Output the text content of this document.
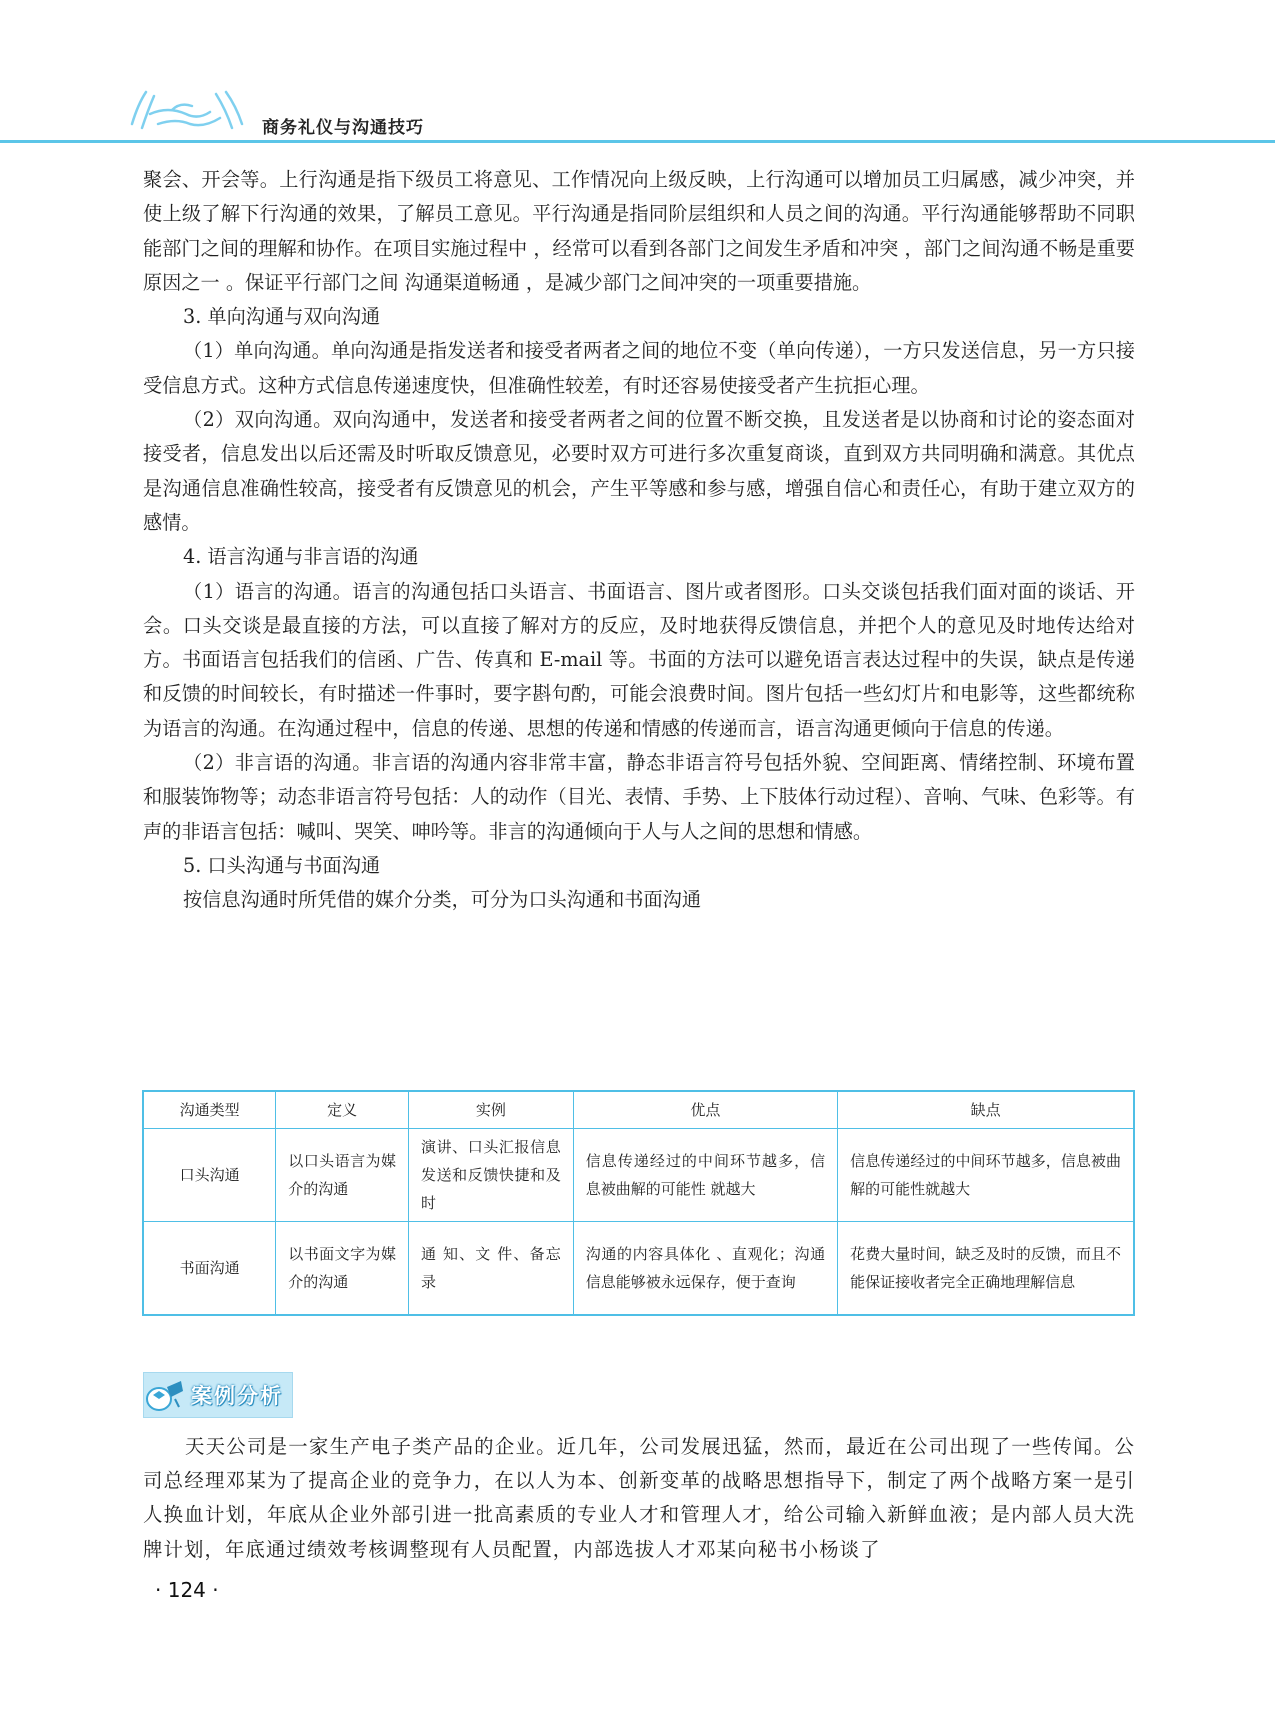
商务礼仪与沟通技巧

聚会、开会等。上行沟通是指下级员工将意见、工作情况向上级反映，上行沟通可以增加员工归属感，减少冲突，并使上级了解下行沟通的效果，了解员工意见。平行沟通是指同阶层组织和人员之间的沟通。平行沟通能够帮助不同职能部门之间的理解和协作。在项目实施过程中 ，经常可以看到各部门之间发生矛盾和冲突 ，部门之间沟通不畅是重要原因之一 。保证平行部门之间 沟通渠道畅通 ，是减少部门之间冲突的一项重要措施。

3. 单向沟通与双向沟通

（1）单向沟通。单向沟通是指发送者和接受者两者之间的地位不变（单向传递），一方只发送信息，另一方只接受信息方式。这种方式信息传递速度快，但准确性较差，有时还容易使接受者产生抗拒心理。

（2）双向沟通。双向沟通中，发送者和接受者两者之间的位置不断交换，且发送者是以协商和讨论的姿态面对接受者，信息发出以后还需及时听取反馈意见，必要时双方可进行多次重复商谈，直到双方共同明确和满意。其优点是沟通信息准确性较高，接受者有反馈意见的机会，产生平等感和参与感，增强自信心和责任心，有助于建立双方的感情。

4. 语言沟通与非言语的沟通

（1）语言的沟通。语言的沟通包括口头语言、书面语言、图片或者图形。口头交谈包括我们面对面的谈话、开会。口头交谈是最直接的方法，可以直接了解对方的反应，及时地获得反馈信息，并把个人的意见及时地传达给对方。书面语言包括我们的信函、广告、传真和 E-mail 等。书面的方法可以避免语言表达过程中的失误，缺点是传递和反馈的时间较长，有时描述一件事时，要字斟句酌，可能会浪费时间。图片包括一些幻灯片和电影等，这些都统称为语言的沟通。在沟通过程中，信息的传递、思想的传递和情感的传递而言，语言沟通更倾向于信息的传递。

（2）非言语的沟通。非言语的沟通内容非常丰富，静态非语言符号包括外貌、空间距离、情绪控制、环境布置和服装饰物等；动态非语言符号包括：人的动作（目光、表情、手势、上下肢体行动过程）、音响、气味、色彩等。有声的非语言包括：喊叫、哭笑、呻吟等。非言的沟通倾向于人与人之间的思想和情感。

5. 口头沟通与书面沟通

按信息沟通时所凭借的媒介分类，可分为口头沟通和书面沟通

沟通类型	定义	实例	优点	缺点
口头沟通	以口头语言为媒介的沟通	演讲、口头汇报信息发送和反馈快捷和及时	信息传递经过的中间环节越多，信息被曲解的可能性 就越大	信息传递经过的中间环节越多，信息被曲解的可能性就越大
书面沟通	以书面文字为媒介的沟通	通 知、文 件、备忘录	沟通的内容具体化 、直观化；沟通信息能够被永远保存，便于查询	花费大量时间，缺乏及时的反馈，而且不能保证接收者完全正确地理解信息
案例分析

天天公司是一家生产电子类产品的企业。近几年，公司发展迅猛，然而，最近在公司出现了一些传闻。公司总经理邓某为了提高企业的竞争力，在以人为本、创新变革的战略思想指导下，制定了两个战略方案一是引人换血计划，年底从企业外部引进一批高素质的专业人才和管理人才，给公司输入新鲜血液；是内部人员大洗牌计划，年底通过绩效考核调整现有人员配置，内部选拔人才邓某向秘书小杨谈了

· 124 ·
